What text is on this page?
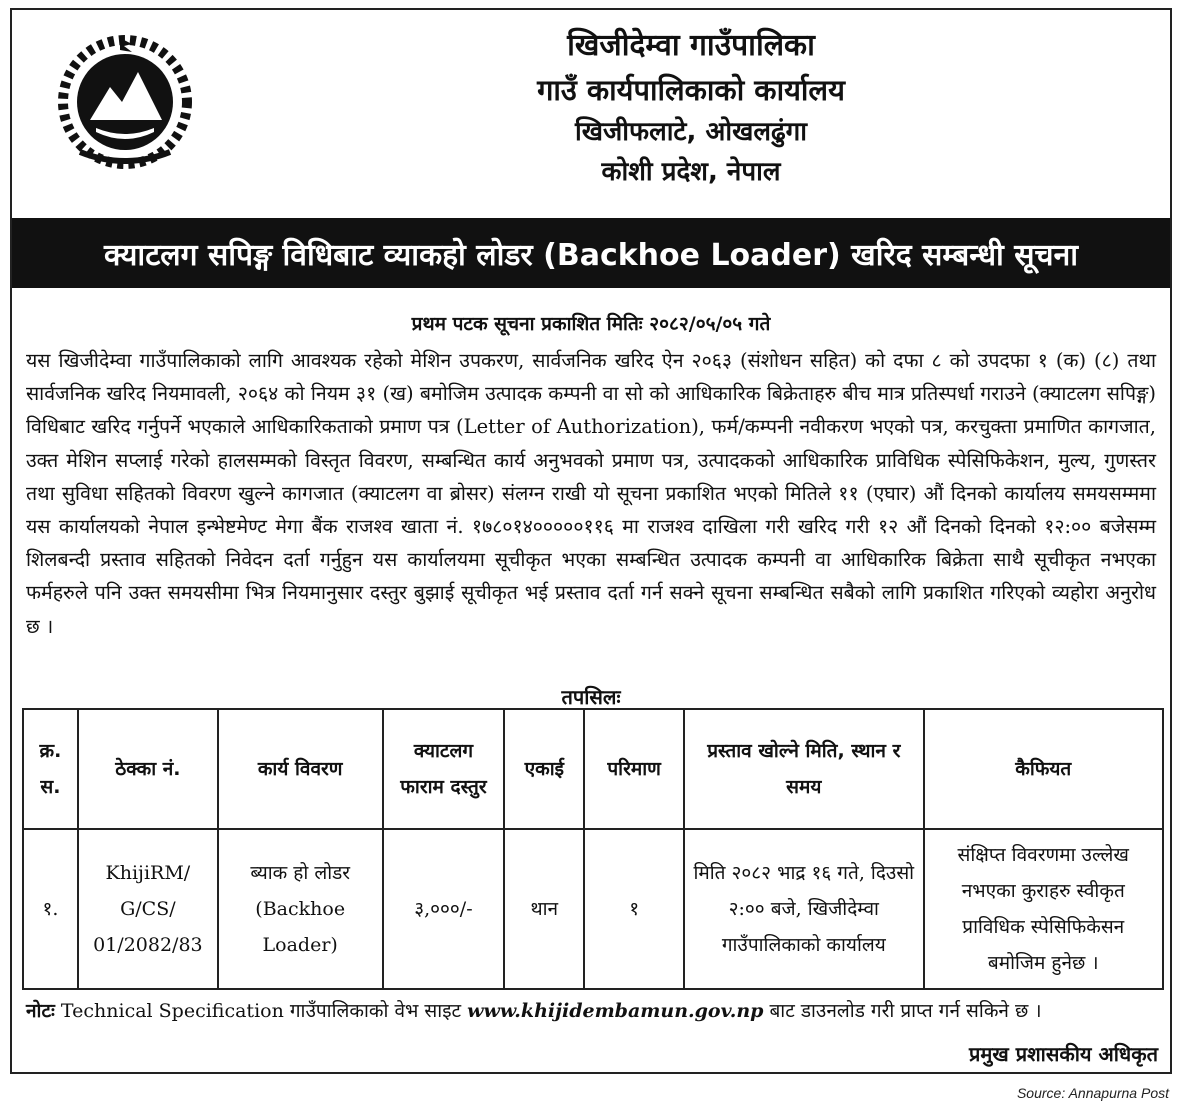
खिजीदेम्वा गाउँपालिका
गाउँ कार्यपालिकाको कार्यालय
खिजीफलाटे, ओखलढुंगा
कोशी प्रदेश, नेपाल
क्याटलग सपिङ्ग विधिबाट व्याकहो लोडर (Backhoe Loader) खरिद सम्बन्धी सूचना
प्रथम पटक सूचना प्रकाशित मितिः २०८२/०५/०५ गते
यस खिजीदेम्वा गाउँपालिकाको लागि आवश्यक रहेको मेशिन उपकरण, सार्वजनिक खरिद ऐन २०६३ (संशोधन सहित) को दफा ८ को उपदफा १ (क) (८) तथा सार्वजनिक खरिद नियमावली, २०६४ को नियम ३१ (ख) बमोजिम उत्पादक कम्पनी वा सो को आधिकारिक बिक्रेताहरु बीच मात्र प्रतिस्पर्धा गराउने (क्याटलग सपिङ्ग) विधिबाट खरिद गर्नुपर्ने भएकाले आधिकारिकताको प्रमाण पत्र (Letter of Authorization), फर्म/कम्पनी नवीकरण भएको पत्र, करचुक्ता प्रमाणित कागजात, उक्त मेशिन सप्लाई गरेको हालसम्मको विस्तृत विवरण, सम्बन्धित कार्य अनुभवको प्रमाण पत्र, उत्पादकको आधिकारिक प्राविधिक स्पेसिफिकेशन, मुल्य, गुणस्तर तथा सुविधा सहितको विवरण खुल्ने कागजात (क्याटलग वा ब्रोसर) संलग्न राखी यो सूचना प्रकाशित भएको मितिले ११ (एघार) औं दिनको कार्यालय समयसम्ममा यस कार्यालयको नेपाल इन्भेष्टमेण्ट मेगा बैंक राजश्व खाता नं. १७८०१४०००००११६ मा राजश्व दाखिला गरी खरिद गरी १२ औं दिनको दिनको १२:०० बजेसम्म शिलबन्दी प्रस्ताव सहितको निवेदन दर्ता गर्नुहुन यस कार्यालयमा सूचीकृत भएका सम्बन्धित उत्पादक कम्पनी वा आधिकारिक बिक्रेता साथै सूचीकृत नभएका फर्महरुले पनि उक्त समयसीमा भित्र नियमानुसार दस्तुर बुझाई सूचीकृत भई प्रस्ताव दर्ता गर्न सक्ने सूचना सम्बन्धित सबैको लागि प्रकाशित गरिएको व्यहोरा अनुरोध छ ।
तपसिलः
क्र. स.	ठेक्का नं.	कार्य विवरण	क्याटलग फाराम दस्तुर	एकाई	परिमाण	प्रस्ताव खोल्ने मिति, स्थान र समय	कैफियत
१.	KhijiRM/ G/CS/ 01/2082/83	ब्याक हो लोडर (Backhoe Loader)	३,०००/-	थान	१	मिति २०८२ भाद्र १६ गते, दिउसो २:०० बजे, खिजीदेम्वा गाउँपालिकाको कार्यालय	संक्षिप्त विवरणमा उल्लेख नभएका कुराहरु स्वीकृत प्राविधिक स्पेसिफिकेसन बमोजिम हुनेछ ।
नोटः Technical Specification गाउँपालिकाको वेभ साइट www.khijidembamun.gov.np बाट डाउनलोड गरी प्राप्त गर्न सकिने छ ।
प्रमुख प्रशासकीय अधिकृत
Source: Annapurna Post
